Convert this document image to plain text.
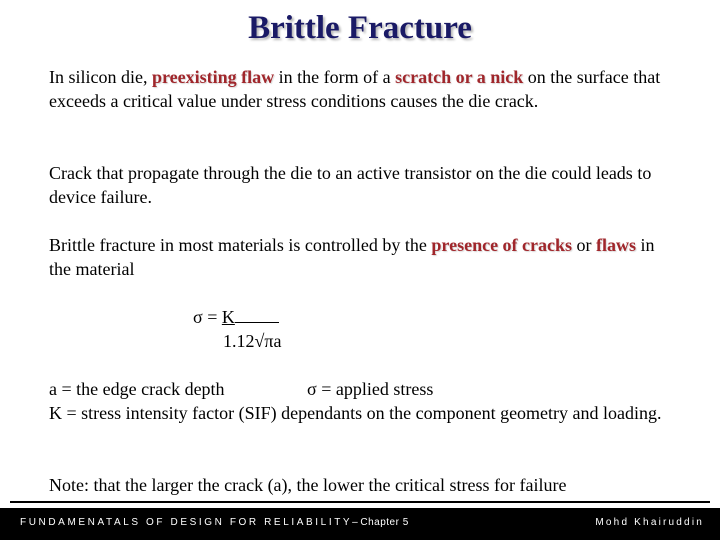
Brittle Fracture
In silicon die, preexisting flaw in the form of a scratch or a nick on the surface that exceeds a critical value under stress conditions causes the die crack.
Crack that propagate through the die to an active transistor on the die could leads to device failure.
Brittle fracture in most materials is controlled by the presence of cracks or flaws in the material
σ = K
1.12√πa
a = the edge crack depth	σ = applied stress
K = stress intensity factor (SIF) dependants on the component geometry and loading.
Note: that the larger the crack (a), the lower the critical stress for failure
FUNDAMENATALS OF DESIGN FOR RELIABILITY–Chapter 5	Mohd Khairuddin
